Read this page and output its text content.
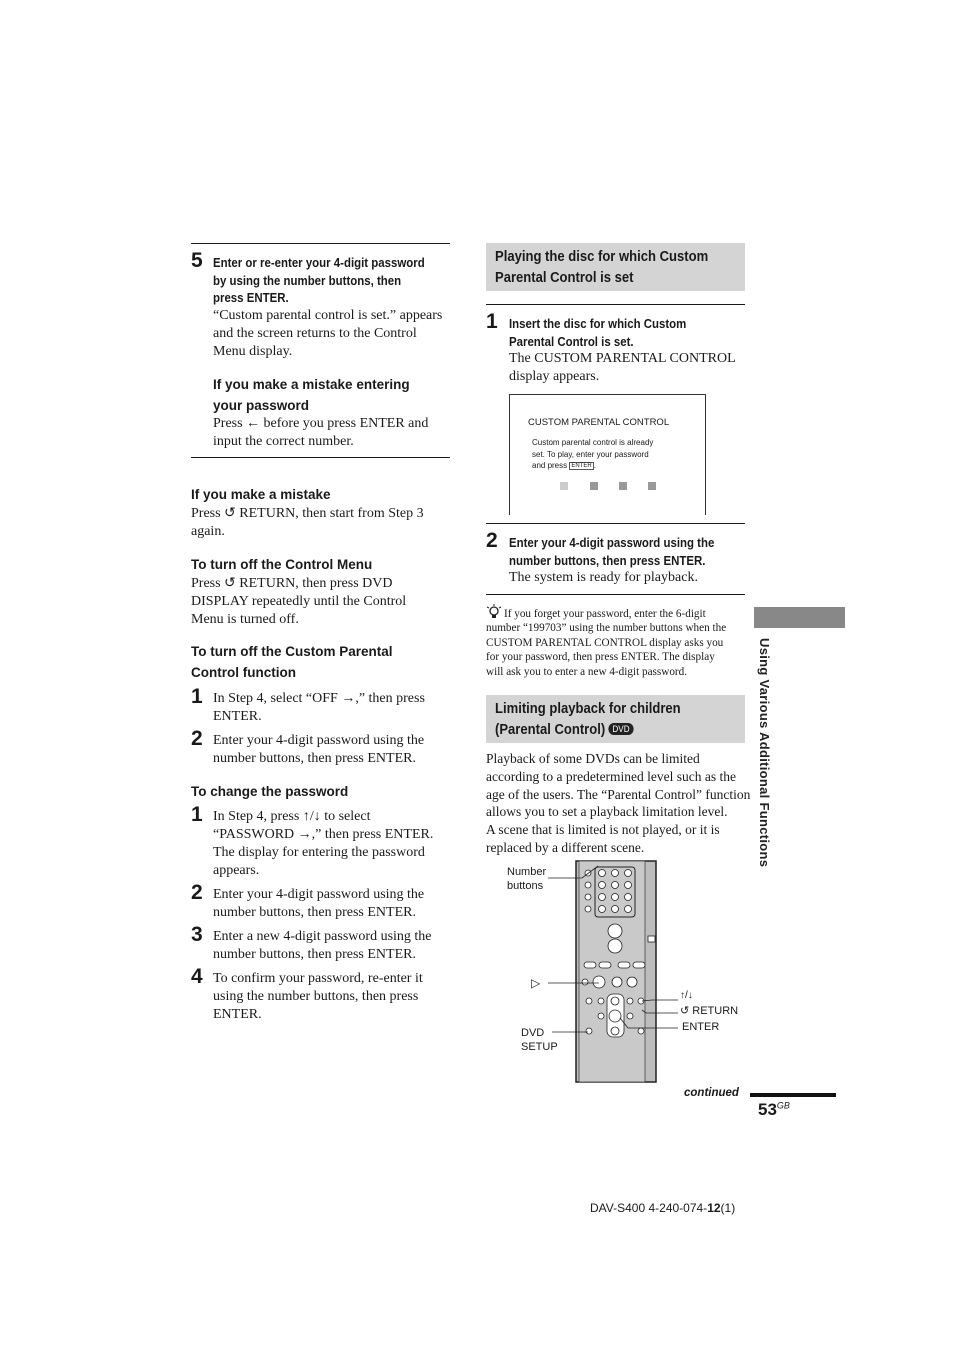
5 Enter or re-enter your 4-digit password
by using the number buttons, then
press ENTER.
“Custom parental control is set.” appears
and the screen returns to the Control
Menu display.
If you make a mistake entering
your password
Press ← before you press ENTER and
input the correct number.
If you make a mistake
Press ↺ RETURN, then start from Step 3
again.
To turn off the Control Menu
Press ↺ RETURN, then press DVD
DISPLAY repeatedly until the Control
Menu is turned off.
To turn off the Custom Parental
Control function
1 In Step 4, select “OFF →,” then press
ENTER.
2 Enter your 4-digit password using the
number buttons, then press ENTER.
To change the password
1 In Step 4, press ↑/↓ to select
“PASSWORD →,” then press ENTER.
The display for entering the password
appears.
2 Enter your 4-digit password using the
number buttons, then press ENTER.
3 Enter a new 4-digit password using the
number buttons, then press ENTER.
4 To confirm your password, re-enter it
using the number buttons, then press
ENTER.
Playing the disc for which Custom
Parental Control is set
1 Insert the disc for which Custom
Parental Control is set.
The CUSTOM PARENTAL CONTROL
display appears.
CUSTOM PARENTAL CONTROL
Custom parental control is already
set. To play, enter your password
and press ENTER .
2 Enter your 4-digit password using the
number buttons, then press ENTER.
The system is ready for playback.
If you forget your password, enter the 6-digit
number “199703” using the number buttons when the
CUSTOM PARENTAL CONTROL display asks you
for your password, then press ENTER. The display
will ask you to enter a new 4-digit password.
Limiting playback for children
(Parental Control) DVD
Playback of some DVDs can be limited
according to a predetermined level such as the
age of the users. The “Parental Control” function
allows you to set a playback limitation level.
A scene that is limited is not played, or it is
replaced by a different scene.
Number
buttons
▷
↑/↓
↺ RETURN
ENTER
DVD
SETUP
Using Various Additional Functions
continued
$53^{GB}$
DAV-S400 4-240-074-12(1)
